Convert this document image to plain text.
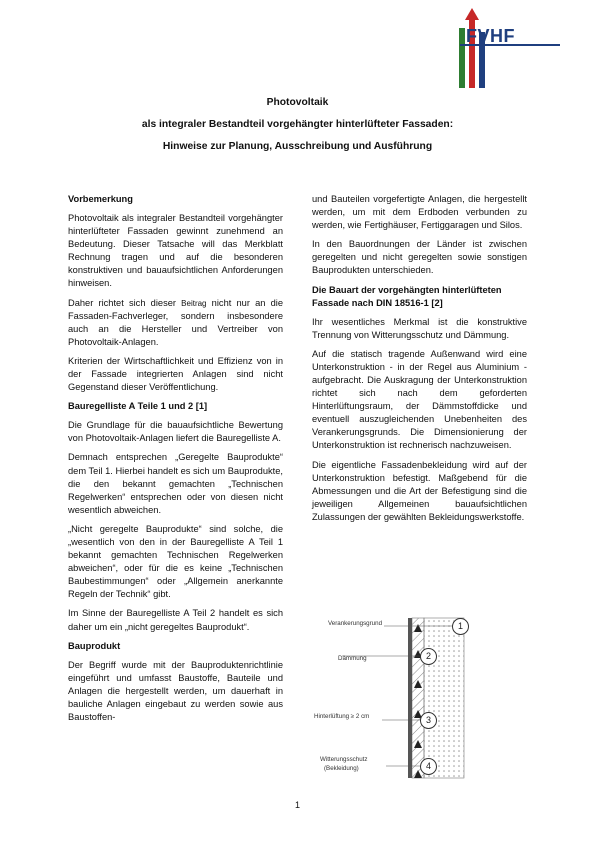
FVHF
Photovoltaik
als integraler Bestandteil vorgehängter hinterlüfteter Fassaden:
Hinweise zur Planung, Ausschreibung und Ausführung
Vorbemerkung

Photovoltaik als integraler Bestandteil vorgehängter hinterlüfteter Fassaden gewinnt zunehmend an Bedeutung. Dieser Tatsache will das Merkblatt Rechnung tragen und auf die besonderen konstruktiven und bauaufsichtlichen Anforderungen hinweisen.

Daher richtet sich dieser Beitrag nicht nur an die Fassaden-Fachverleger, sondern insbesondere auch an die Hersteller und Vertreiber von Photovoltaik-Anlagen.

Kriterien der Wirtschaftlichkeit und Effizienz von in der Fassade integrierten Anlagen sind nicht Gegenstand dieser Veröffentlichung.

Bauregelliste A Teile 1 und 2 [1]

Die Grundlage für die bauaufsichtliche Bewertung von Photovoltaik-Anlagen liefert die Bauregelliste A.

Demnach entsprechen „Geregelte Bauprodukte“ dem Teil 1. Hierbei handelt es sich um Bauprodukte, die den bekannt gemachten „Technischen Regelwerken“ entsprechen oder von diesen nicht wesentlich abweichen.

„Nicht geregelte Bauprodukte“ sind solche, die „wesentlich von den in der Bauregelliste A Teil 1 bekannt gemachten Technischen Regelwerken abweichen“, oder für die es keine „Technischen Baubestimmungen“ oder „Allgemein anerkannte Regeln der Technik“ gibt.

Im Sinne der Bauregelliste A Teil 2 handelt es sich daher um ein „nicht geregeltes Bauprodukt“.

Bauprodukt

Der Begriff wurde mit der Bauproduktenrichtlinie eingeführt und umfasst Baustoffe, Bauteile und Anlagen die hergestellt werden, um dauerhaft in bauliche Anlagen eingebaut zu werden sowie aus Baustoffen-

und Bauteilen vorgefertigte Anlagen, die hergestellt werden, um mit dem Erdboden verbunden zu werden, wie Fertighäuser, Fertiggaragen und Silos.

In den Bauordnungen der Länder ist zwischen geregelten und nicht geregelten sowie sonstigen Bauprodukten unterschieden.

Die Bauart der vorgehängten hinterlüfteten Fassade nach DIN 18516-1 [2]

Ihr wesentliches Merkmal ist die konstruktive Trennung von Witterungsschutz und Dämmung.

Auf die statisch tragende Außenwand wird eine Unterkonstruktion - in der Regel aus Aluminium - aufgebracht. Die Auskragung der Unterkonstruktion richtet sich nach dem geforderten Hinterlüftungsraum, der Dämmstoffdicke und eventuell auszugleichenden Unebenheiten des Verankerungsgrunds. Die Dimensionierung der Unterkonstruktion ist rechnerisch nachzuweisen.

Die eigentliche Fassadenbekleidung wird auf der Unterkonstruktion befestigt. Maßgebend für die Abmessungen und die Art der Befestigung sind die jeweiligen Allgemeinen bauaufsichtlichen Zulassungen der gewählten Bekleidungswerkstoffe.

Verankerungsgrund
Dämmung
Hinterlüftung ≥ 2 cm
Witterungsschutz
(Bekleidung)
1
2
3
4
1
